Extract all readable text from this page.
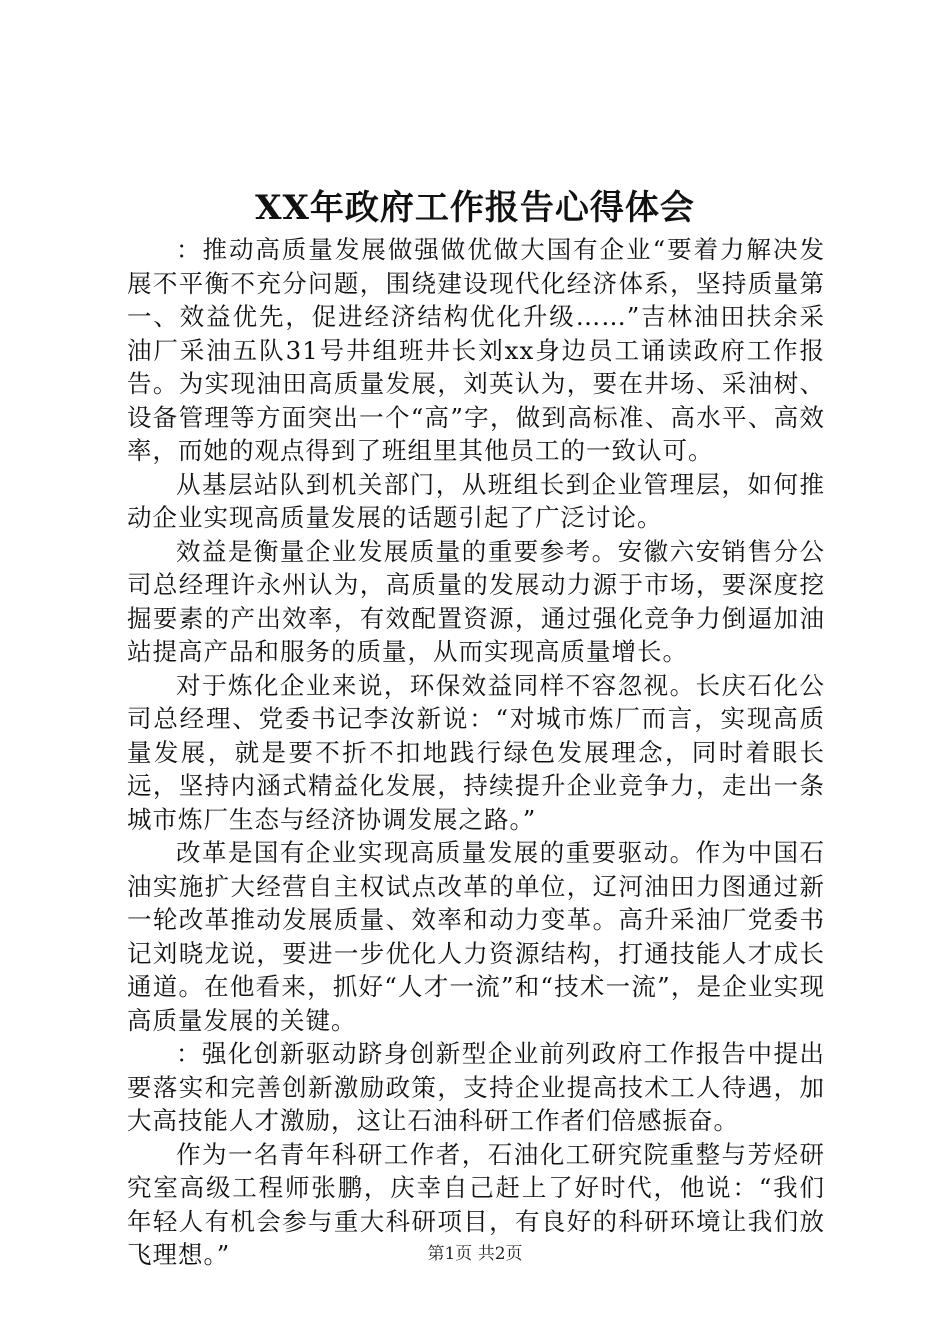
XX年政府工作报告心得体会

：推动高质量发展做强做优做大国有企业“要着力解决发展不平衡不充分问题，围绕建设现代化经济体系，坚持质量第一、效益优先，促进经济结构优化升级……”吉林油田扶余采油厂采油五队31号井组班井长刘xx身边员工诵读政府工作报告。为实现油田高质量发展，刘英认为，要在井场、采油树、设备管理等方面突出一个“高”字，做到高标准、高水平、高效率，而她的观点得到了班组里其他员工的一致认可。

从基层站队到机关部门，从班组长到企业管理层，如何推动企业实现高质量发展的话题引起了广泛讨论。

效益是衡量企业发展质量的重要参考。安徽六安销售分公司总经理许永州认为，高质量的发展动力源于市场，要深度挖掘要素的产出效率，有效配置资源，通过强化竞争力倒逼加油站提高产品和服务的质量，从而实现高质量增长。

对于炼化企业来说，环保效益同样不容忽视。长庆石化公司总经理、党委书记李汝新说：“对城市炼厂而言，实现高质量发展，就是要不折不扣地践行绿色发展理念，同时着眼长远，坚持内涵式精益化发展，持续提升企业竞争力，走出一条城市炼厂生态与经济协调发展之路。”

改革是国有企业实现高质量发展的重要驱动。作为中国石油实施扩大经营自主权试点改革的单位，辽河油田力图通过新一轮改革推动发展质量、效率和动力变革。高升采油厂党委书记刘晓龙说，要进一步优化人力资源结构，打通技能人才成长通道。在他看来，抓好“人才一流”和“技术一流”，是企业实现高质量发展的关键。

：强化创新驱动跻身创新型企业前列政府工作报告中提出要落实和完善创新激励政策，支持企业提高技术工人待遇，加大高技能人才激励，这让石油科研工作者们倍感振奋。

作为一名青年科研工作者，石油化工研究院重整与芳烃研究室高级工程师张鹏，庆幸自己赶上了好时代，他说：“我们年轻人有机会参与重大科研项目，有良好的科研环境让我们放飞理想。”	第1页 共2页
